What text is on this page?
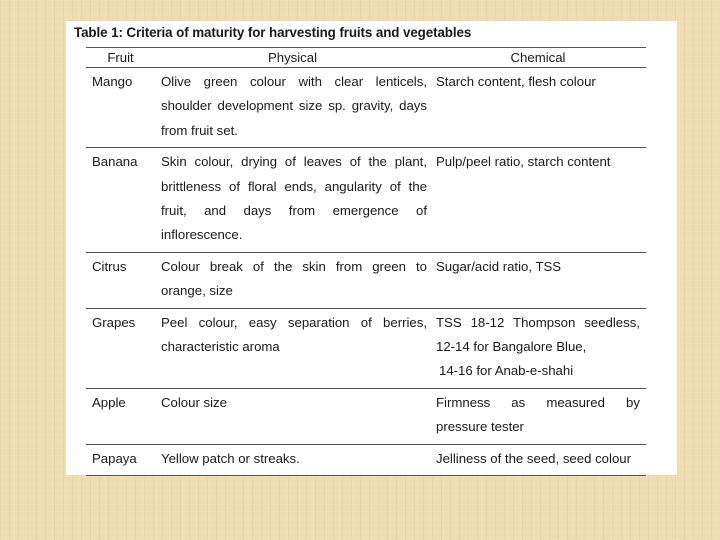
Table 1: Criteria of maturity for harvesting fruits and vegetables
Fruit	Physical	Chemical
Mango	Olive green colour with clear lenticels, shoulder development size sp. gravity, days from fruit set.	Starch content, flesh colour

Banana	Skin colour, drying of leaves of the plant, brittleness of floral ends, angularity of the fruit, and days from emergence of inflorescence.	Pulp/peel ratio, starch content

Citrus	Colour break of the skin from green to orange, size	Sugar/acid ratio, TSS

Grapes	Peel colour, easy separation of berries, characteristic aroma	TSS 18-12 Thompson seedless, 12-14 for Bangalore Blue,
14-16 for Anab-e-shahi

Apple	Colour size	Firmness as measured by pressure tester

Papaya	Yellow patch or streaks.	Jelliness of the seed, seed colour
